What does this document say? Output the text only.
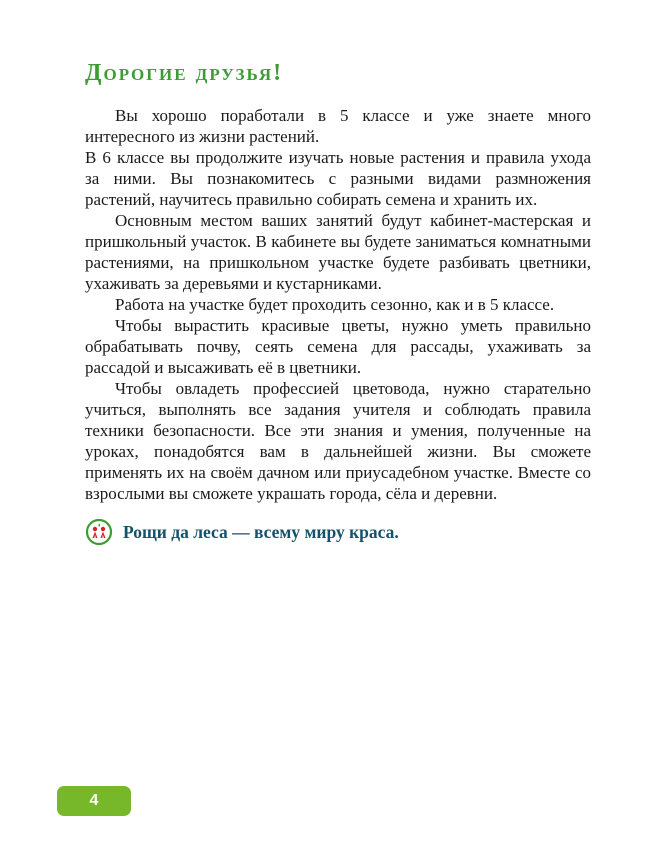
Дорогие друзья!

Вы хорошо поработали в 5 классе и уже знаете много интересного из жизни растений.

В 6 классе вы продолжите изучать новые растения и правила ухода за ними. Вы познакомитесь с разными видами размножения растений, научитесь правильно собирать семена и хранить их.

Основным местом ваших занятий будут кабинет-мастерская и пришкольный участок. В кабинете вы будете заниматься комнатными растениями, на пришкольном участке будете разбивать цветники, ухаживать за деревьями и кустарниками.

Работа на участке будет проходить сезонно, как и в 5 классе.

Чтобы вырастить красивые цветы, нужно уметь правильно обрабатывать почву, сеять семена для рассады, ухаживать за рассадой и высаживать её в цветники.

Чтобы овладеть профессией цветовода, нужно старательно учиться, выполнять все задания учителя и соблюдать правила техники безопасности. Все эти знания и умения, полученные на уроках, понадобятся вам в дальнейшей жизни. Вы сможете применять их на своём дачном или приусадебном участке. Вместе со взрослыми вы сможете украшать города, сёла и деревни.

Рощи да леса — всему миру краса.
4
